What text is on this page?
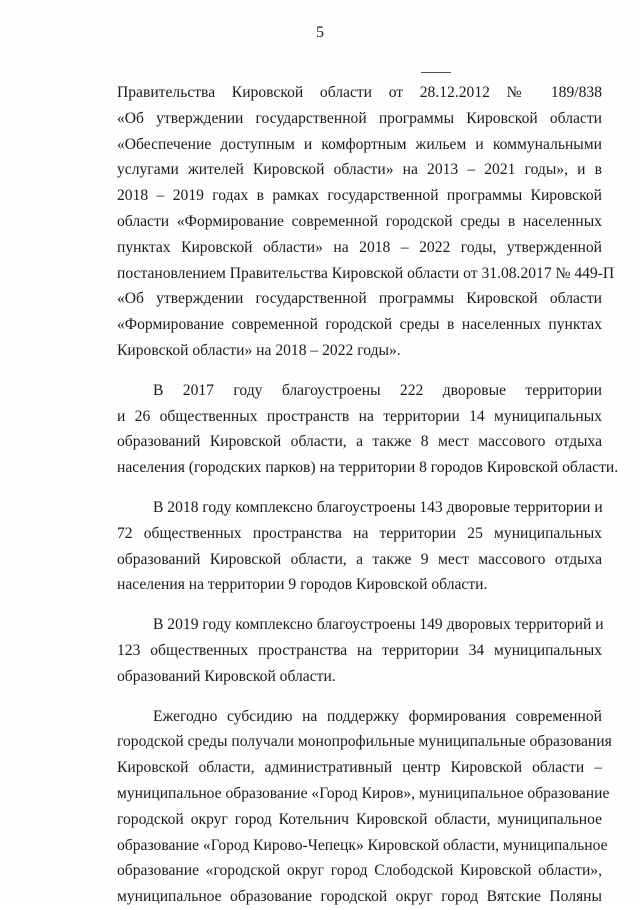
5
Правительства Кировской области от 28.12.2012 № 189/838
«Об утверждении государственной программы Кировской области
«Обеспечение доступным и комфортным жильем и коммунальными
услугами жителей Кировской области» на 2013 – 2021 годы», и в
2018 – 2019 годах в рамках государственной программы Кировской
области «Формирование современной городской среды в населенных
пунктах Кировской области» на 2018 – 2022 годы, утвержденной
постановлением Правительства Кировской области от 31.08.2017 № 449-П
«Об утверждении государственной программы Кировской области
«Формирование современной городской среды в населенных пунктах
Кировской области» на 2018 – 2022 годы».
В 2017 году благоустроены 222 дворовые территории
и 26 общественных пространств на территории 14 муниципальных
образований Кировской области, а также 8 мест массового отдыха
населения (городских парков) на территории 8 городов Кировской области.
В 2018 году комплексно благоустроены 143 дворовые территории и
72 общественных пространства на территории 25 муниципальных
образований Кировской области, а также 9 мест массового отдыха
населения на территории 9 городов Кировской области.
В 2019 году комплексно благоустроены 149 дворовых территорий и
123 общественных пространства на территории 34 муниципальных
образований Кировской области.
Ежегодно субсидию на поддержку формирования современной
городской среды получали монопрофильные муниципальные образования
Кировской области, административный центр Кировской области –
муниципальное образование «Город Киров», муниципальное образование
городской округ город Котельнич Кировской области, муниципальное
образование «Город Кирово-Чепецк» Кировской области, муниципальное
образование «городской округ город Слободской Кировской области»,
муниципальное образование городской округ город Вятские Поляны
